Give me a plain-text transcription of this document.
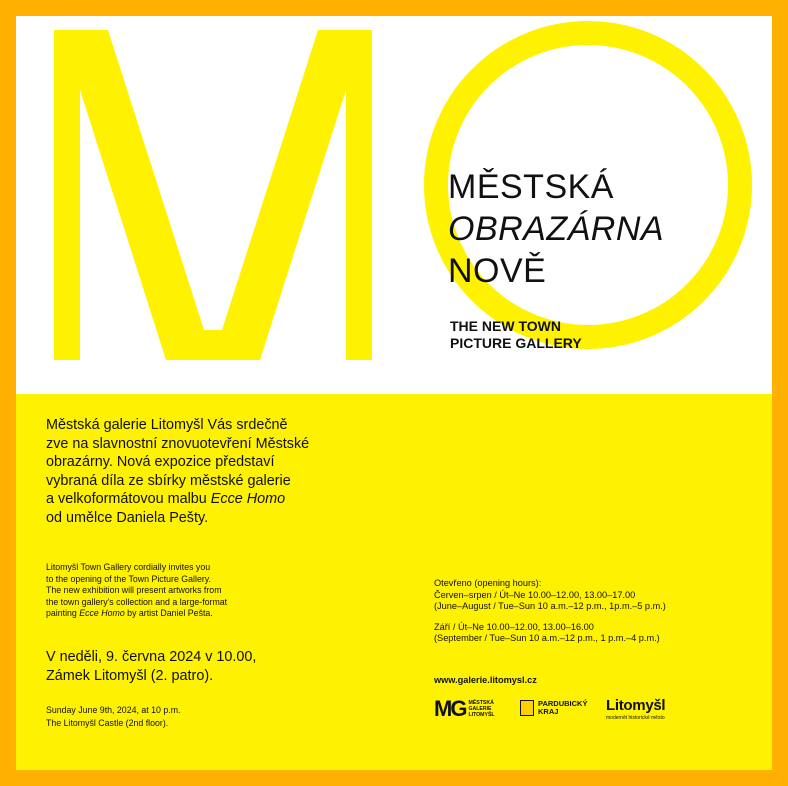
MĚSTSKÁ
OBRAZÁRNA
NOVĚ
THE NEW TOWN
PICTURE GALLERY
Městská galerie Litomyšl Vás srdečně
zve na slavnostní znovuotevření Městské
obrazárny. Nová expozice představí
vybraná díla ze sbírky městské galerie
a velkoformátovou malbu Ecce Homo
od umělce Daniela Pešty.
Litomyšl Town Gallery cordially invites you
to the opening of the Town Picture Gallery.
The new exhibition will present artworks from
the town gallery's collection and a large-format
painting Ecce Homo by artist Daniel Pešta.
V neděli, 9. června 2024 v 10.00,
Zámek Litomyšl (2. patro).
Sunday June 9th, 2024, at 10 p.m.
The Litomyšl Castle (2nd floor).
Otevřeno (opening hours):
Červen–srpen / Út–Ne 10.00–12.00, 13.00–17.00
(June–August / Tue–Sun 10 a.m.–12 p.m., 1p.m.–5 p.m.)
Září / Út–Ne 10.00–12.00, 13.00–16.00
(September / Tue–Sun 10 a.m.–12 p.m., 1 p.m.–4 p.m.)
www.galerie.litomysl.cz
MG MĚSTSKÁ
GALERIE
LITOMYŠL
PARDUBICKÝ
KRAJ	Litomyšl
modernět historické město
